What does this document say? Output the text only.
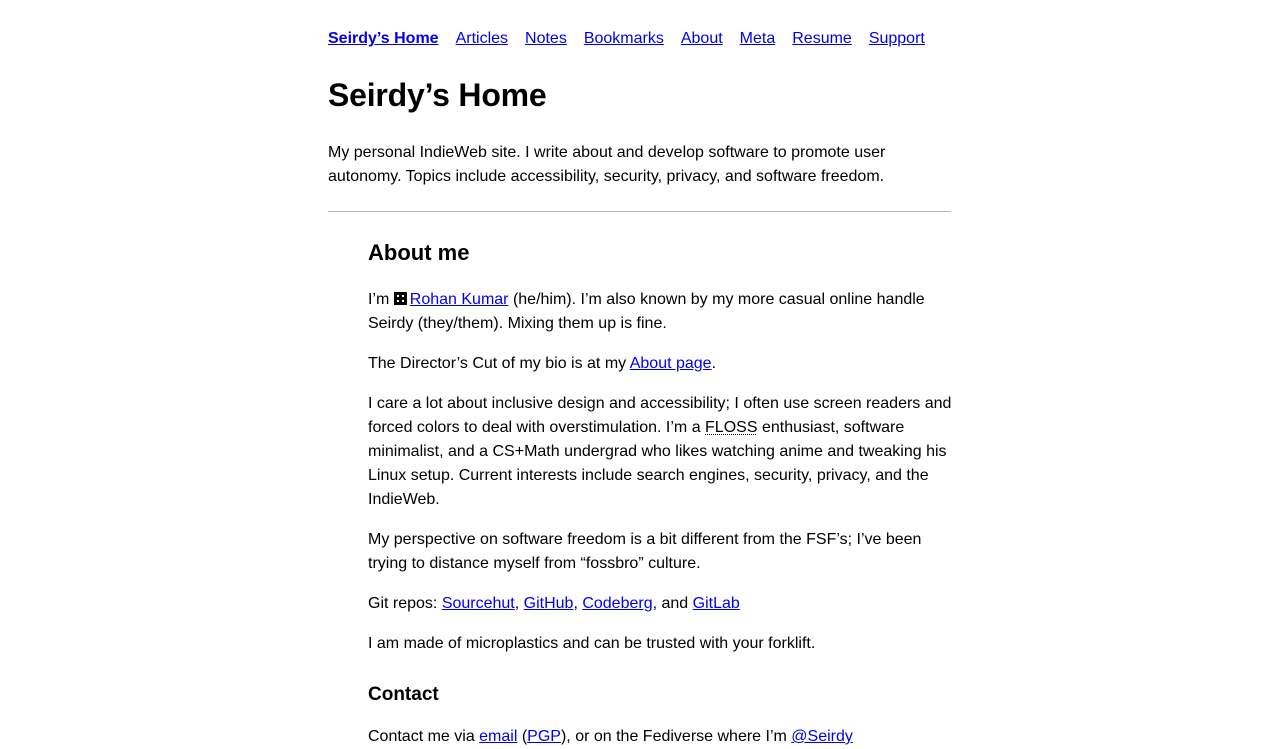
Seirdy’s Home Articles Notes Bookmarks About Meta Resume Support
Seirdy’s Home

My personal IndieWeb site. I write about and develop software to promote user autonomy. Topics include accessibility, security, privacy, and software freedom.

About me

I’m
Rohan Kumar (he/him). I’m also known by my more casual online handle Seirdy (they/them). Mixing them up is fine.

The Director’s Cut of my bio is at my About page.

I care a lot about inclusive design and accessibility; I often use screen readers and forced colors to deal with overstimulation. I’m a FLOSS enthusiast, software minimalist, and a CS+Math undergrad who likes watching anime and tweaking his Linux setup. Current interests include search engines, security, privacy, and the IndieWeb.

My perspective on software freedom is a bit different from the FSF’s; I’ve been trying to distance myself from “fossbro” culture.

Git repos: Sourcehut, GitHub, Codeberg, and GitLab

I am made of microplastics and can be trusted with your forklift.

Contact

Contact me via email (PGP), or on the Fediverse where I’m @Seirdy
